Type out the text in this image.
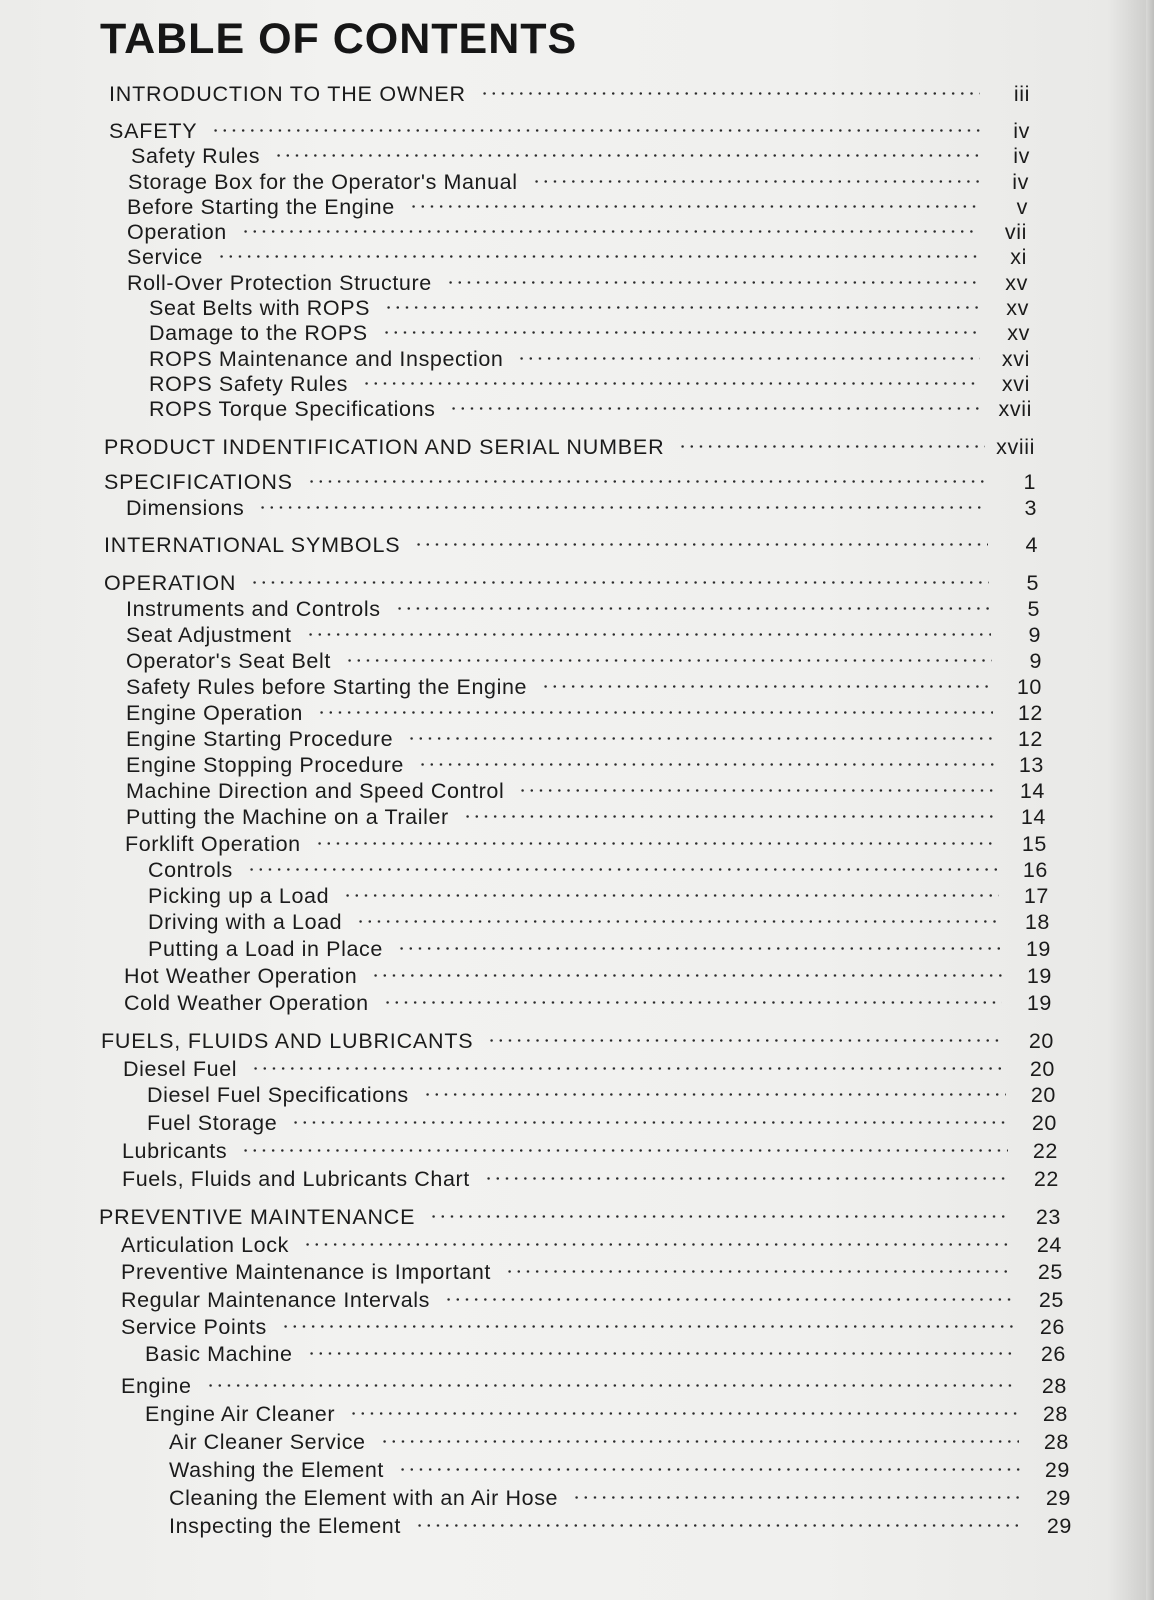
TABLE OF CONTENTS
INTRODUCTION TO THE OWNER	iii
SAFETY	iv
Safety Rules	iv
Storage Box for the Operator's Manual	iv
Before Starting the Engine	v
Operation	vii
Service	xi
Roll-Over Protection Structure	xv
Seat Belts with ROPS	xv
Damage to the ROPS	xv
ROPS Maintenance and Inspection	xvi
ROPS Safety Rules	xvi
ROPS Torque Specifications	xvii
PRODUCT INDENTIFICATION AND SERIAL NUMBER	xviii
SPECIFICATIONS	1
Dimensions	3
INTERNATIONAL SYMBOLS	4
OPERATION	5
Instruments and Controls	5
Seat Adjustment	9
Operator's Seat Belt	9
Safety Rules before Starting the Engine	10
Engine Operation	12
Engine Starting Procedure	12
Engine Stopping Procedure	13
Machine Direction and Speed Control	14
Putting the Machine on a Trailer	14
Forklift Operation	15
Controls	16
Picking up a Load	17
Driving with a Load	18
Putting a Load in Place	19
Hot Weather Operation	19
Cold Weather Operation	19
FUELS, FLUIDS AND LUBRICANTS	20
Diesel Fuel	20
Diesel Fuel Specifications	20
Fuel Storage	20
Lubricants	22
Fuels, Fluids and Lubricants Chart	22
PREVENTIVE MAINTENANCE	23
Articulation Lock	24
Preventive Maintenance is Important	25
Regular Maintenance Intervals	25
Service Points	26
Basic Machine	26
Engine	28
Engine Air Cleaner	28
Air Cleaner Service	28
Washing the Element	29
Cleaning the Element with an Air Hose	29
Inspecting the Element	29
